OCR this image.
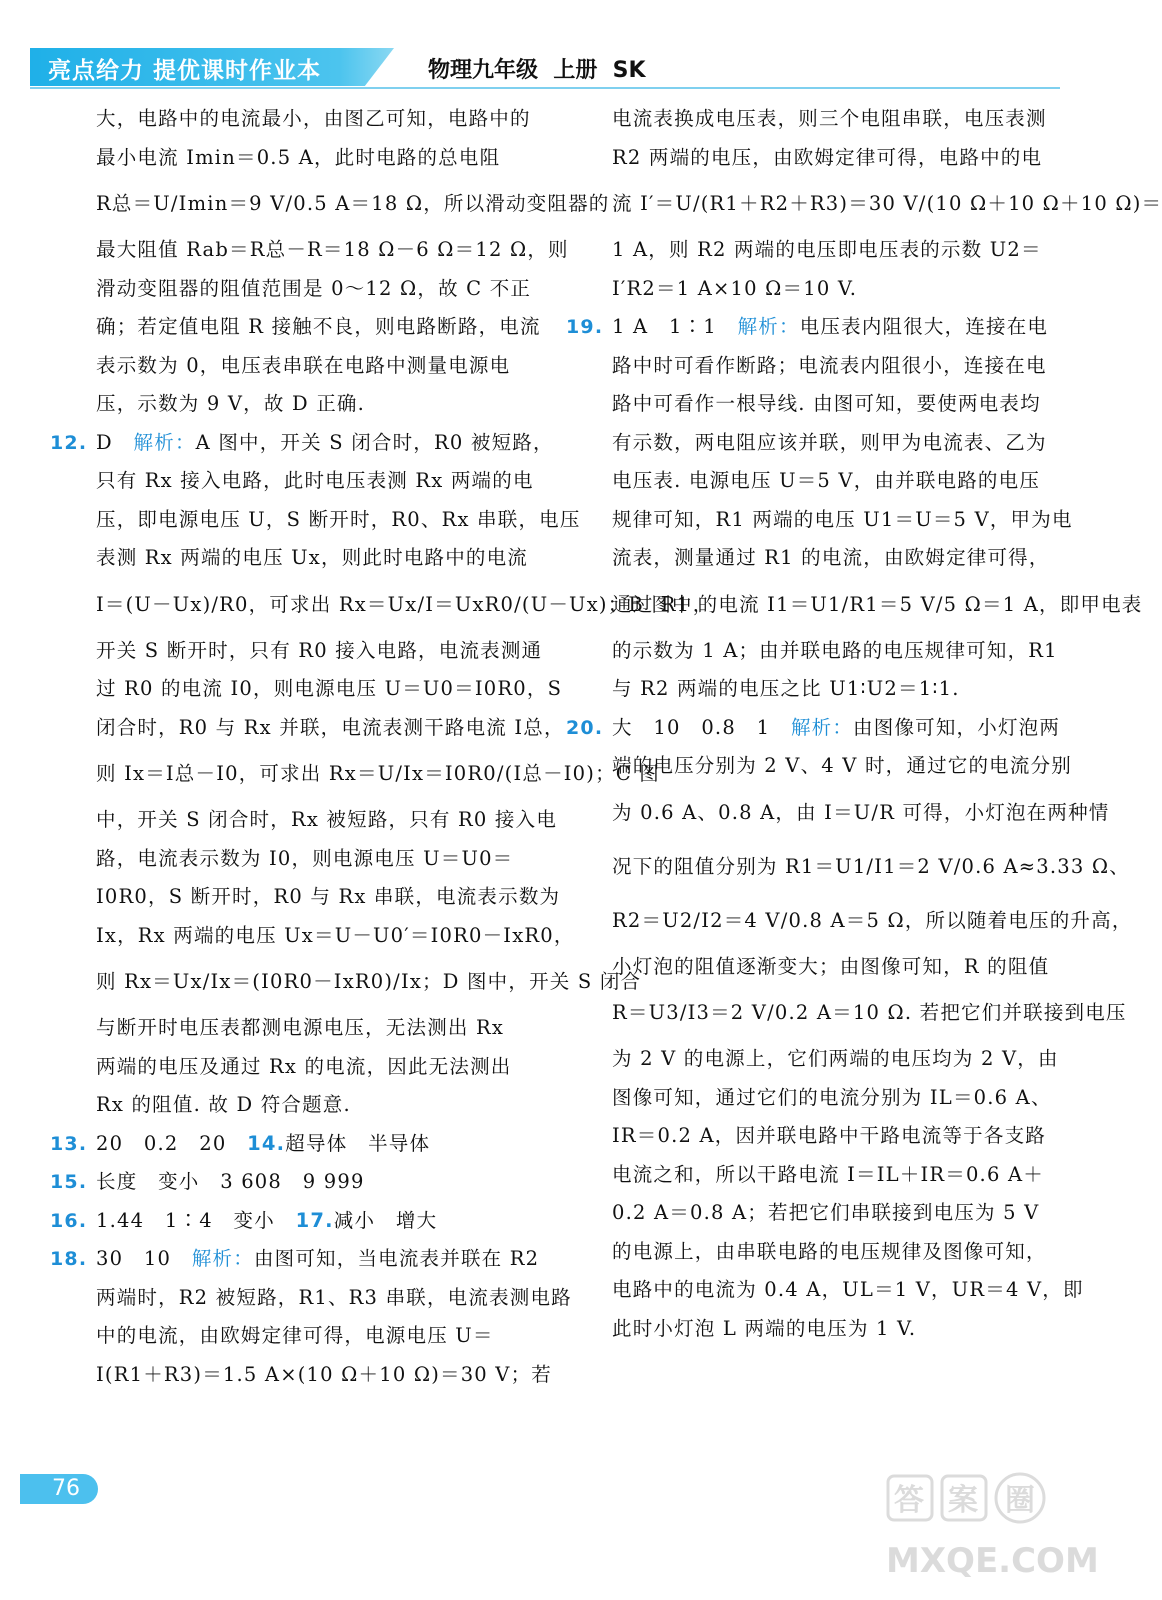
亮点给力 提优课时作业本	物理九年级  上册  SK
大，电路中的电流最小，由图乙可知，电路中的
最小电流 Imin＝0.5 A，此时电路的总电阻
R总＝U/Imin＝9 V/0.5 A＝18 Ω，所以滑动变阻器的
最大阻值 Rab＝R总－R＝18 Ω－6 Ω＝12 Ω，则
滑动变阻器的阻值范围是 0～12 Ω，故 C 不正
确；若定值电阻 R 接触不良，则电路断路，电流
表示数为 0，电压表串联在电路中测量电源电
压，示数为 9 V，故 D 正确.
12. D　 解析：A 图中，开关 S 闭合时，R0 被短路，
只有 Rx 接入电路，此时电压表测 Rx 两端的电
压，即电源电压 U，S 断开时，R0、Rx 串联，电压
表测 Rx 两端的电压 Ux，则此时电路中的电流
I＝(U－Ux)/R0，可求出 Rx＝Ux/I＝UxR0/(U－Ux)；B 图中，
开关 S 断开时，只有 R0 接入电路，电流表测通
过 R0 的电流 I0，则电源电压 U＝U0＝I0R0，S
闭合时，R0 与 Rx 并联，电流表测干路电流 I总，
则 Ix＝I总－I0，可求出 Rx＝U/Ix＝I0R0/(I总－I0)；C 图
中，开关 S 闭合时，Rx 被短路，只有 R0 接入电
路，电流表示数为 I0，则电源电压 U＝U0＝
I0R0，S 断开时，R0 与 Rx 串联，电流表示数为
Ix，Rx 两端的电压 Ux＝U－U0′＝I0R0－IxR0，
则 Rx＝Ux/Ix＝(I0R0－IxR0)/Ix；D 图中，开关 S 闭合
与断开时电压表都测电源电压，无法测出 Rx
两端的电压及通过 Rx 的电流，因此无法测出
Rx 的阻值. 故 D 符合题意.
13. 20　0.2　20　14.超导体　半导体
15. 长度　变小　3 608　9 999
16. 1.44　1∶4　变小　17.减小　增大
18. 30　10　 解析：由图可知，当电流表并联在 R2
两端时，R2 被短路，R1、R3 串联，电流表测电路
中的电流，由欧姆定律可得，电源电压 U＝
I(R1＋R3)＝1.5 A×(10 Ω＋10 Ω)＝30 V；若
电流表换成电压表，则三个电阻串联，电压表测
R2 两端的电压，由欧姆定律可得，电路中的电
流 I′＝U/(R1＋R2＋R3)＝30 V/(10 Ω＋10 Ω＋10 Ω)＝
1 A，则 R2 两端的电压即电压表的示数 U2＝
I′R2＝1 A×10 Ω＝10 V.
19. 1 A　1∶1　 解析：电压表内阻很大，连接在电
路中时可看作断路；电流表内阻很小，连接在电
路中可看作一根导线. 由图可知，要使两电表均
有示数，两电阻应该并联，则甲为电流表、乙为
电压表. 电源电压 U＝5 V，由并联电路的电压
规律可知，R1 两端的电压 U1＝U＝5 V，甲为电
流表，测量通过 R1 的电流，由欧姆定律可得，
通过 R1 的电流 I1＝U1/R1＝5 V/5 Ω＝1 A，即甲电表
的示数为 1 A；由并联电路的电压规律可知，R1
与 R2 两端的电压之比 U1∶U2＝1∶1.
20. 大　10　0.8　1　 解析：由图像可知，小灯泡两
端的电压分别为 2 V、4 V 时，通过它的电流分别
为 0.6 A、0.8 A，由 I＝U/R 可得，小灯泡在两种情
况下的阻值分别为 R1＝U1/I1＝2 V/0.6 A≈3.33 Ω、
R2＝U2/I2＝4 V/0.8 A＝5 Ω，所以随着电压的升高，
小灯泡的阻值逐渐变大；由图像可知，R 的阻值
R＝U3/I3＝2 V/0.2 A＝10 Ω. 若把它们并联接到电压
为 2 V 的电源上，它们两端的电压均为 2 V，由
图像可知，通过它们的电流分别为 IL＝0.6 A、
IR＝0.2 A，因并联电路中干路电流等于各支路
电流之和，所以干路电流 I＝IL＋IR＝0.6 A＋
0.2 A＝0.8 A；若把它们串联接到电压为 5 V
的电源上，由串联电路的电压规律及图像可知，
电路中的电流为 0.4 A，UL＝1 V，UR＝4 V，即
此时小灯泡 L 两端的电压为 1 V.
76	答 案 圈
MXQE.COM
